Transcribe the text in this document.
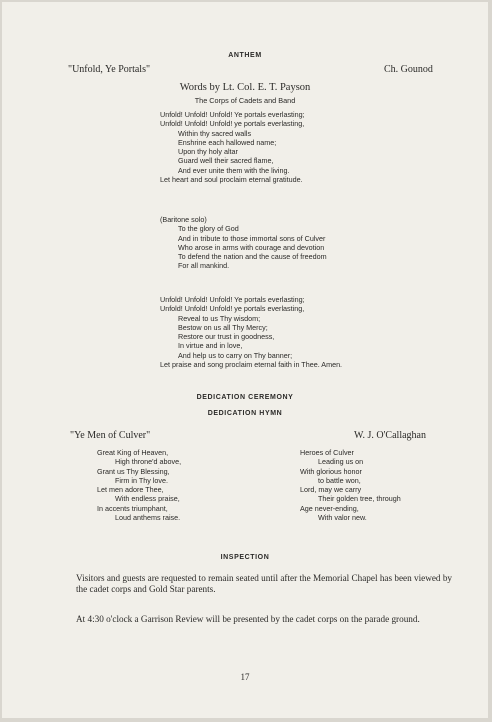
ANTHEM
"Unfold, Ye Portals"	Ch. Gounod
Words by Lt. Col. E. T. Payson
The Corps of Cadets and Band
Unfold! Unfold! Unfold! Ye portals everlasting;
Unfold! Unfold! Unfold! ye portals everlasting,
Within thy sacred walls
Enshrine each hallowed name;
Upon thy holy altar
Guard well their sacred flame,
And ever unite them with the living.
Let heart and soul proclaim eternal gratitude.
(Baritone solo)
To the glory of God
And in tribute to those immortal sons of Culver
Who arose in arms with courage and devotion
To defend the nation and the cause of freedom
For all mankind.
Unfold! Unfold! Unfold! Ye portals everlasting;
Unfold! Unfold! Unfold! ye portals everlasting,
Reveal to us Thy wisdom;
Bestow on us all Thy Mercy;
Restore our trust in goodness,
In virtue and in love,
And help us to carry on Thy banner;
Let praise and song proclaim eternal faith in Thee. Amen.
DEDICATION CEREMONY
DEDICATION HYMN
"Ye Men of Culver"	W. J. O'Callaghan
Great King of Heaven,
High throne'd above,
Grant us Thy Blessing,
Firm in Thy love.
Let men adore Thee,
With endless praise,
In accents triumphant,
Loud anthems raise.
Heroes of Culver
Leading us on
With glorious honor
to battle won,
Lord, may we carry
Their golden tree, through
Age never-ending,
With valor new.
INSPECTION
Visitors and guests are requested to remain seated until after the Memorial Chapel has been viewed by the cadet corps and Gold Star parents.
At 4:30 o'clock a Garrison Review will be presented by the cadet corps on the parade ground.
17
